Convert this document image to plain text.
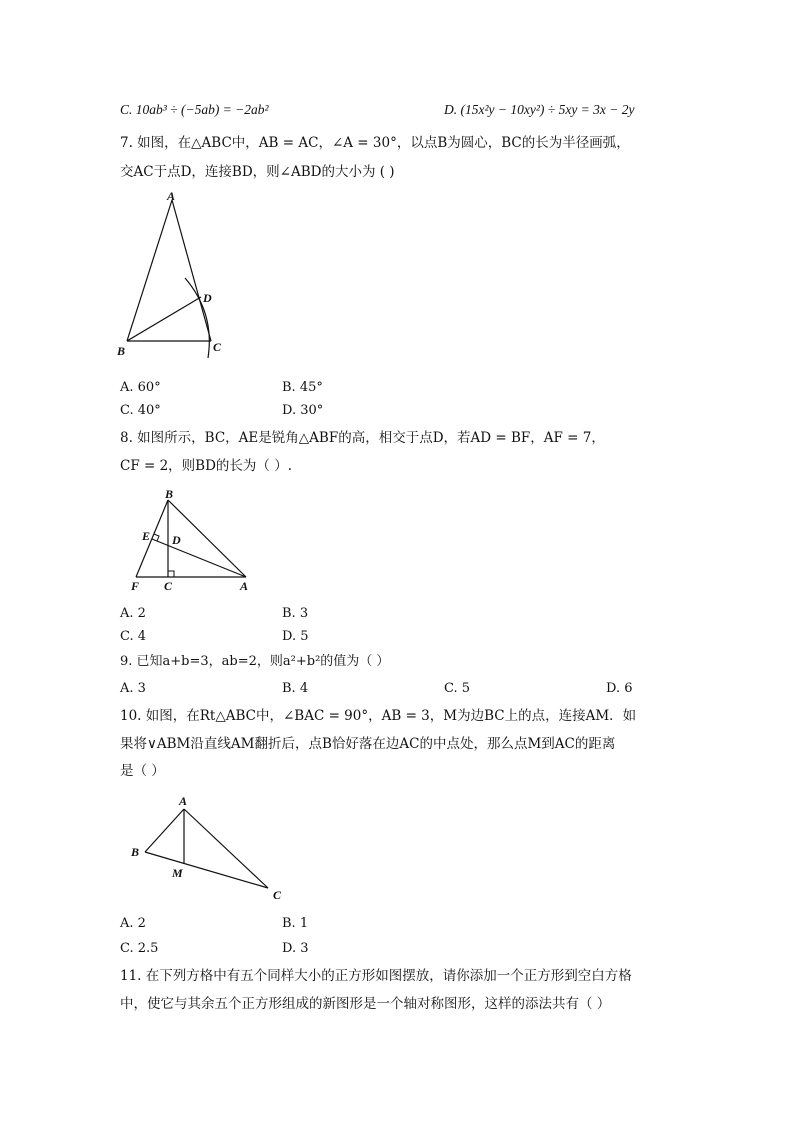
C. 10ab³ ÷ (−5ab) = −2ab²	D. (15x²y − 10xy²) ÷ 5xy = 3x − 2y
7. 如图，在△ABC中，AB = AC，∠A = 30°，以点B为圆心，BC的长为半径画弧，
交AC于点D，连接BD，则∠ABD的大小为 ( )
A
B	C
D
A. 60°	B. 45°
C. 40°	D. 30°
8. 如图所示，BC，AE是锐角△ABF的高，相交于点D，若AD = BF，AF = 7，
CF = 2，则BD的长为（ ）.
B
E D
F C	A
A. 2	B. 3
C. 4	D. 5
9. 已知a+b=3，ab=2，则a²+b²的值为（ ）
A. 3	B. 4	C. 5	D. 6
10. 如图，在Rt△ABC中，∠BAC = 90°，AB = 3，M为边BC上的点，连接AM．如
果将∨ABM沿直线AM翻折后，点B恰好落在边AC的中点处，那么点M到AC的距离
是（ ）
A
B
M
C
A. 2	B. 1
C. 2.5	D. 3
11. 在下列方格中有五个同样大小的正方形如图摆放，请你添加一个正方形到空白方格
中，使它与其余五个正方形组成的新图形是一个轴对称图形，这样的添法共有（ ）
